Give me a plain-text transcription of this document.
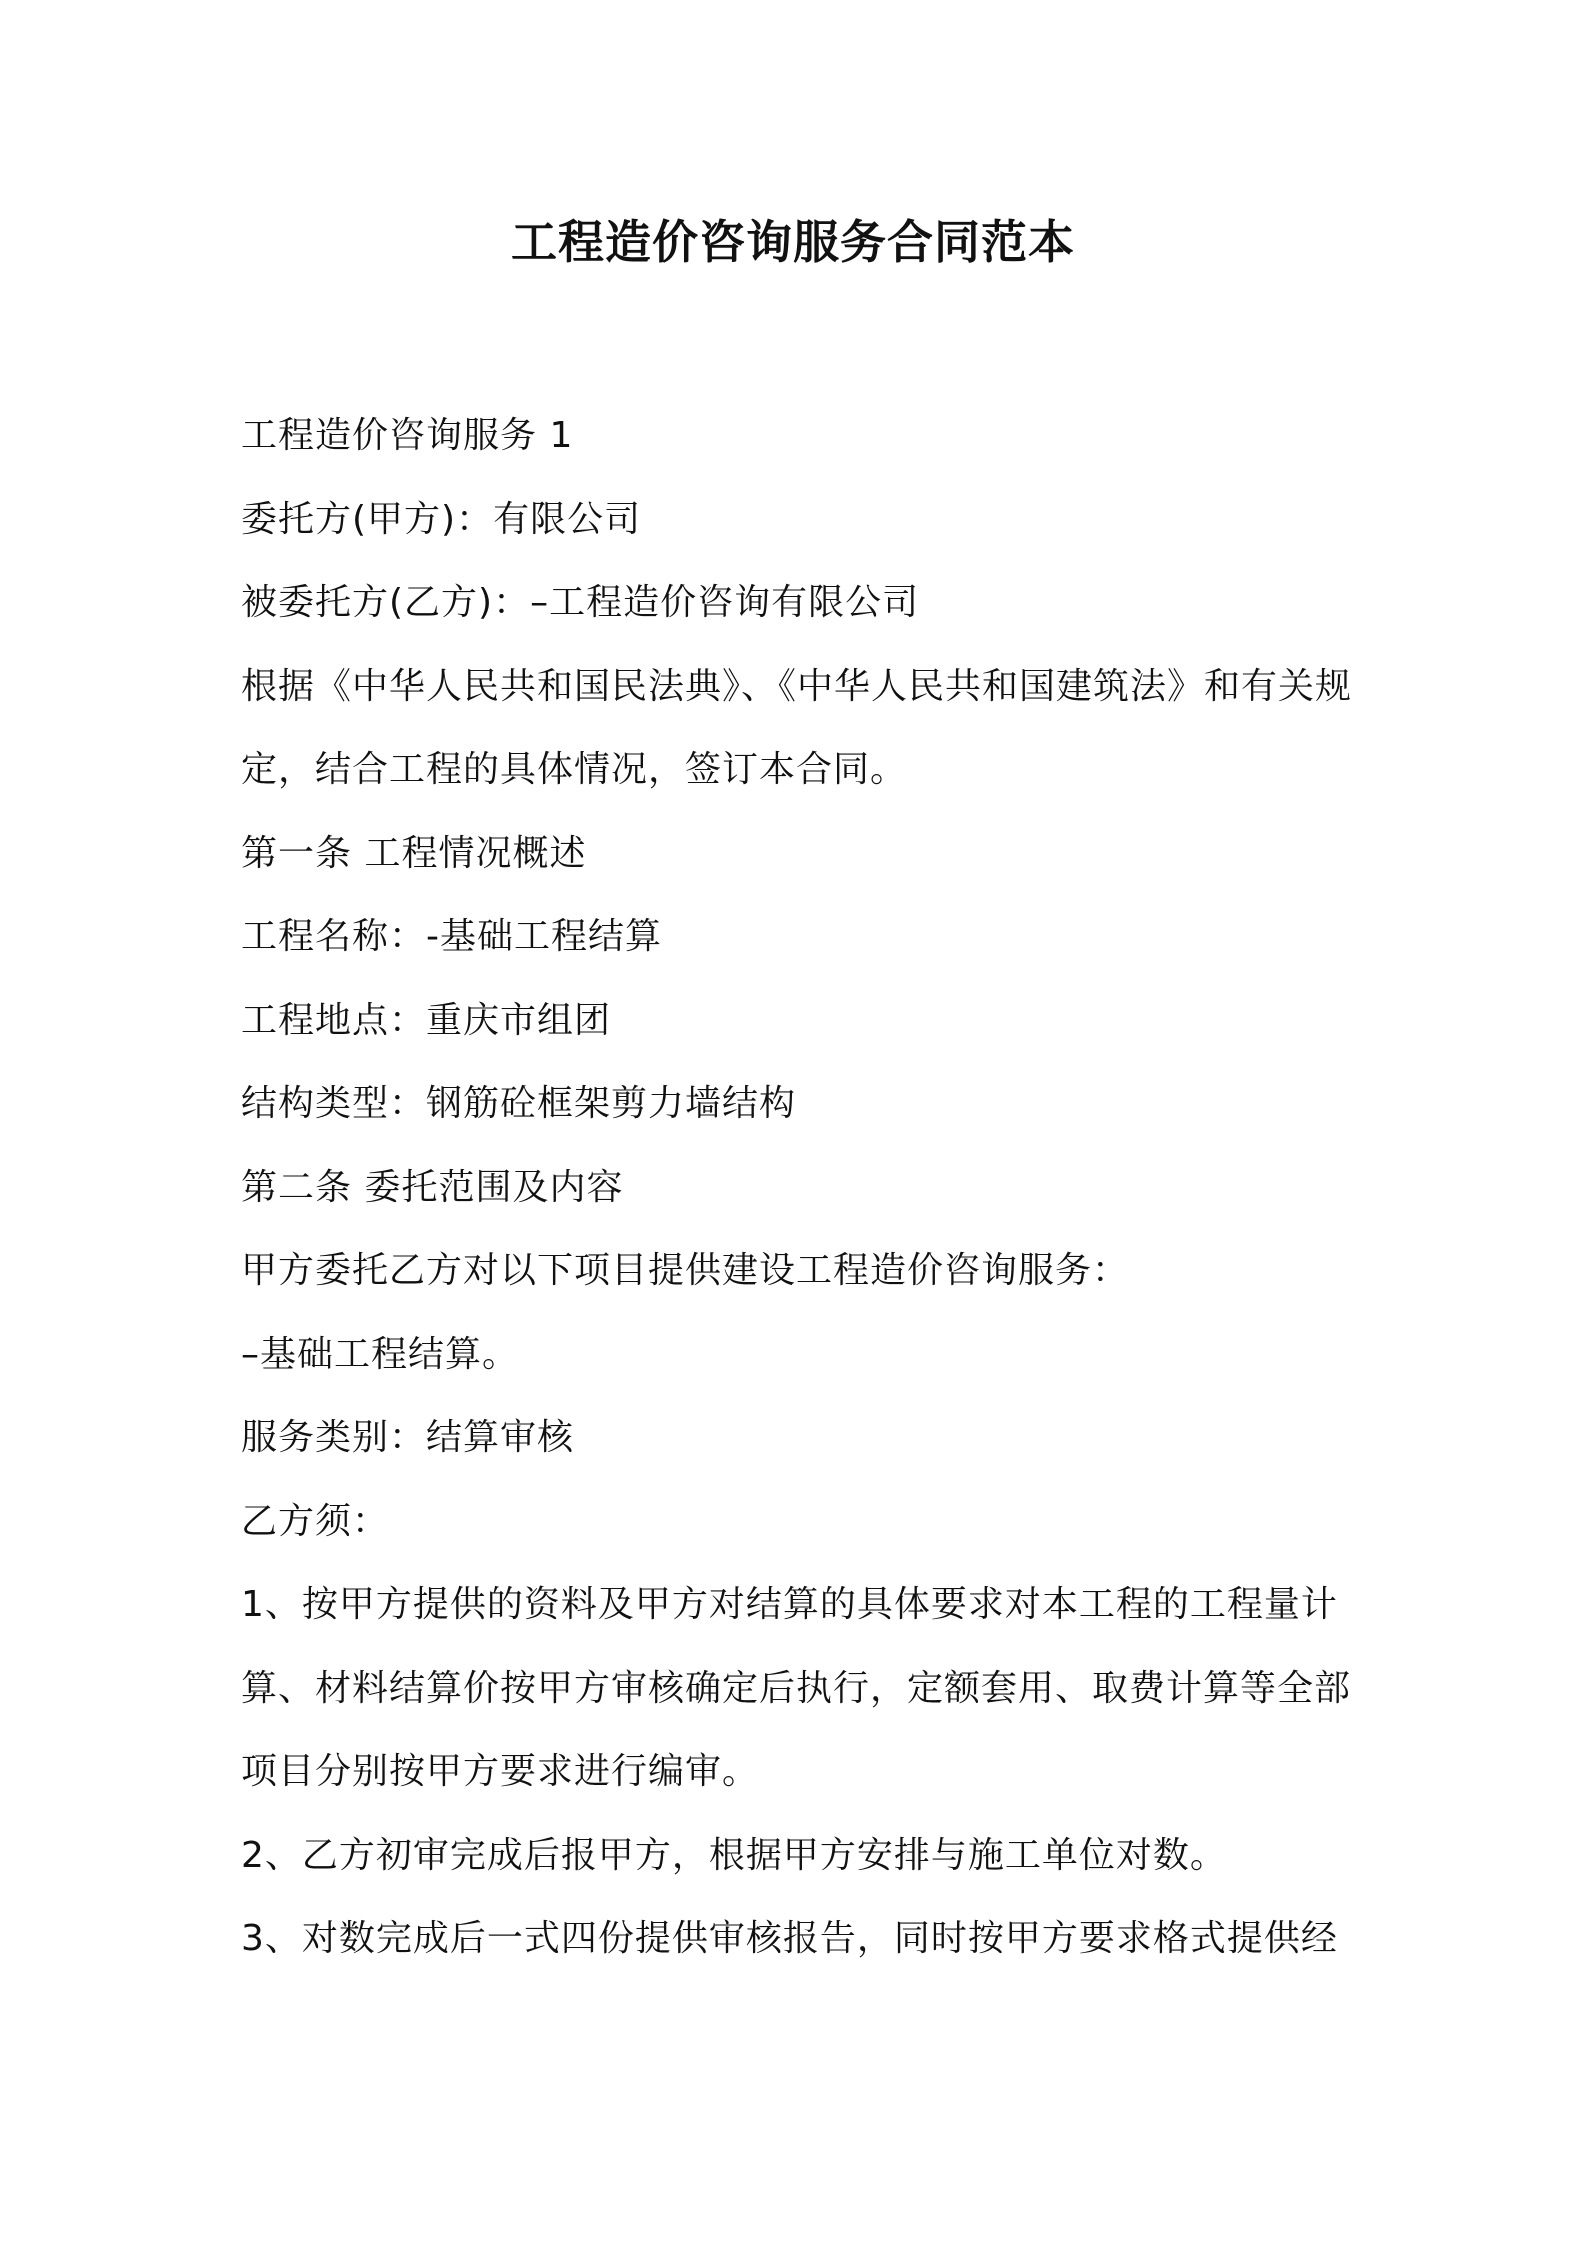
工程造价咨询服务合同范本

工程造价咨询服务 1

委托方(甲方)：有限公司

被委托方(乙方)：–工程造价咨询有限公司

根据《中华人民共和国民法典》、《中华人民共和国建筑法》和有关规

定，结合工程的具体情况，签订本合同。

第一条 工程情况概述

工程名称：-基础工程结算

工程地点：重庆市组团

结构类型：钢筋砼框架剪力墙结构

第二条 委托范围及内容

甲方委托乙方对以下项目提供建设工程造价咨询服务：

–基础工程结算。

服务类别：结算审核

乙方须：

1、按甲方提供的资料及甲方对结算的具体要求对本工程的工程量计

算、材料结算价按甲方审核确定后执行，定额套用、取费计算等全部

项目分别按甲方要求进行编审。

2、乙方初审完成后报甲方，根据甲方安排与施工单位对数。

3、对数完成后一式四份提供审核报告，同时按甲方要求格式提供经
